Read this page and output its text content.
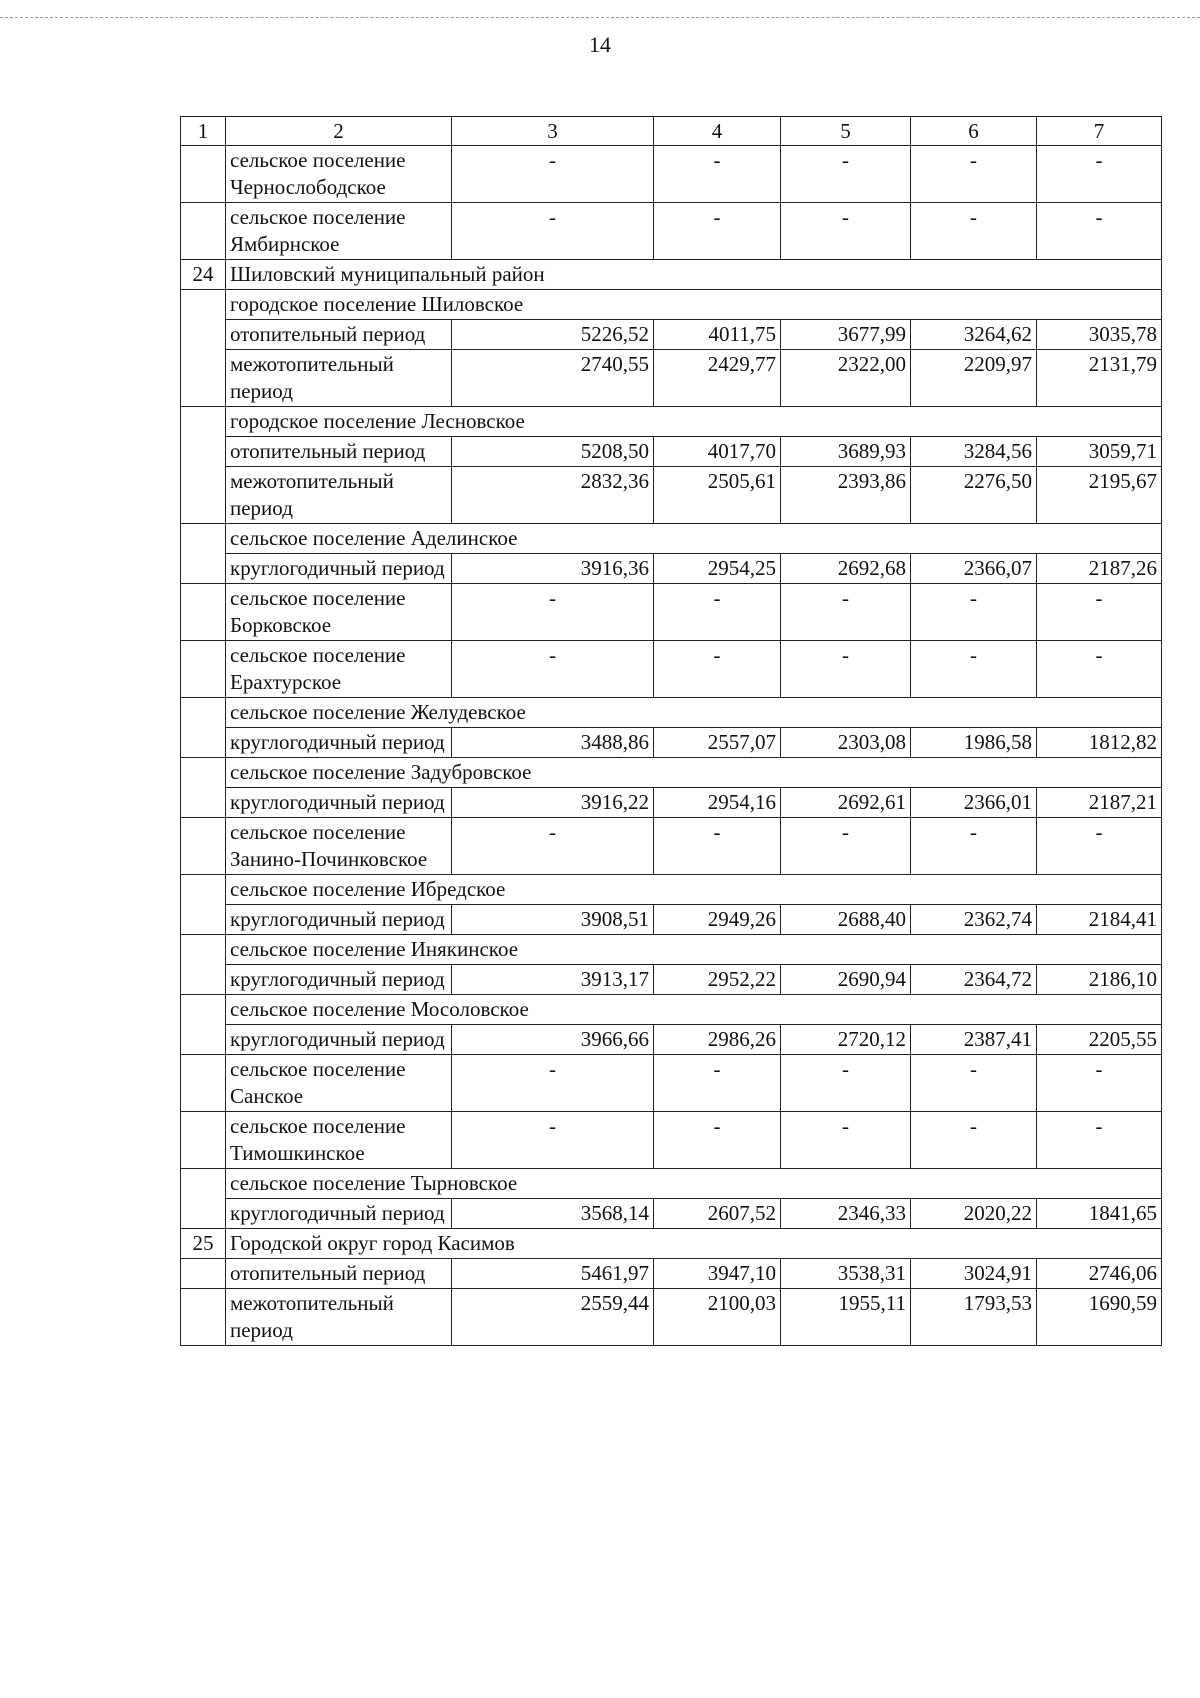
14
1	2	3	4	5	6	7
	сельское поселение Чернослободское	-	-	-	-	-
	сельское поселение Ямбирнское	-	-	-	-	-
24	Шиловский муниципальный район					
	городское поселение Шиловское					
	отопительный период	5226,52	4011,75	3677,99	3264,62	3035,78
	межотопительный период	2740,55	2429,77	2322,00	2209,97	2131,79
	городское поселение Лесновское					
	отопительный период	5208,50	4017,70	3689,93	3284,56	3059,71
	межотопительный период	2832,36	2505,61	2393,86	2276,50	2195,67
	сельское поселение Аделинское					
	круглогодичный период	3916,36	2954,25	2692,68	2366,07	2187,26
	сельское поселение Борковское	-	-	-	-	-
	сельское поселение Ерахтурское	-	-	-	-	-
	сельское поселение Желудевское					
	круглогодичный период	3488,86	2557,07	2303,08	1986,58	1812,82
	сельское поселение Задубровское					
	круглогодичный период	3916,22	2954,16	2692,61	2366,01	2187,21
	сельское поселение Занино-Починковское	-	-	-	-	-
	сельское поселение Ибредское					
	круглогодичный период	3908,51	2949,26	2688,40	2362,74	2184,41
	сельское поселение Инякинское					
	круглогодичный период	3913,17	2952,22	2690,94	2364,72	2186,10
	сельское поселение Мосоловское					
	круглогодичный период	3966,66	2986,26	2720,12	2387,41	2205,55
	сельское поселение Санское	-	-	-	-	-
	сельское поселение Тимошкинское	-	-	-	-	-
	сельское поселение Тырновское					
	круглогодичный период	3568,14	2607,52	2346,33	2020,22	1841,65
25	Городской округ город Касимов					
	отопительный период	5461,97	3947,10	3538,31	3024,91	2746,06
	межотопительный период	2559,44	2100,03	1955,11	1793,53	1690,59
